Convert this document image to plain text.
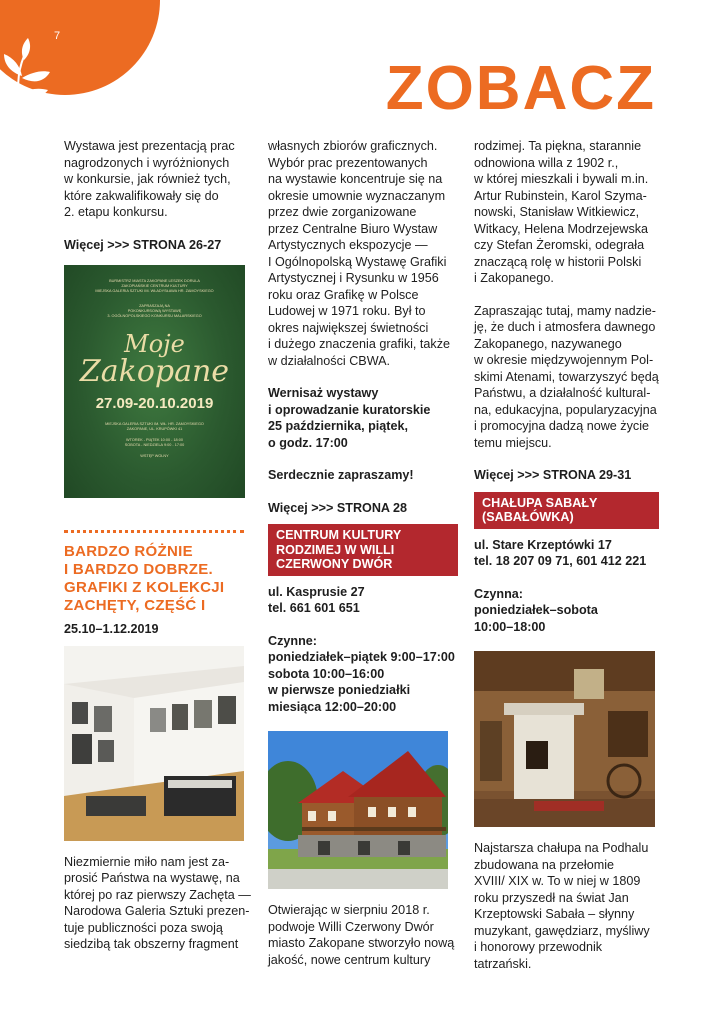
7
ZOBACZ

Wystawa jest prezentacją prac
nagrodzonych i wyróżnionych
w konkursie, jak również tych,
które zakwalifikowały się do
2. etapu konkursu.

Więcej >>> STRONA 26-27

BURMISTRZ MIASTA ZAKOPANE LESZEK DORULA
ZAKOPIAŃSKIE CENTRUM KULTURY
MIEJSKA GALERIA SZTUKI IM. WŁADYSŁAWA HR. ZAMOYSKIEGO
ZAPRASZAJĄ NA
POKONKURSOWĄ WYSTAWĘ
3. OGÓLNOPOLSKIEGO KONKURSU MALARSKIEGO
Moje
Zakopane
27.09-20.10.2019
MIEJSKA GALERIA SZTUKI IM. WŁ. HR. ZAMOYSKIEGO
ZAKOPANE, UL. KRUPÓWKI 41
WTOREK - PIĄTEK 10:00 - 18:00
SOBOTA - NIEDZIELA 9:00 - 17:00
WSTĘP WOLNY

BARDZO RÓŻNIE
I BARDZO DOBRZE.
GRAFIKI Z KOLEKCJI
ZACHĘTY, CZĘŚĆ I

25.10–1.12.2019

Niezmiernie miło nam jest za-
prosić Państwa na wystawę, na
której po raz pierwszy Zachęta —
Narodowa Galeria Sztuki prezen-
tuje publiczności poza swoją
siedzibą tak obszerny fragment

własnych zbiorów graficznych.
Wybór prac prezentowanych
na wystawie koncentruje się na
okresie umownie wyznaczanym
przez dwie zorganizowane
przez Centralne Biuro Wystaw
Artystycznych ekspozycje —
I Ogólnopolską Wystawę Grafiki
Artystycznej i Rysunku w 1956
roku oraz Grafikę w Polsce
Ludowej w 1971 roku. Był to
okres największej świetności
i dużego znaczenia grafiki, także
w działalności CBWA.

Wernisaż wystawy
i oprowadzanie kuratorskie
25 października, piątek,
o godz. 17:00

Serdecznie zapraszamy!

Więcej >>> STRONA 28

CENTRUM KULTURY
RODZIMEJ W WILLI
CZERWONY DWÓR

ul. Kasprusie 27
tel. 661 601 651

Czynne:
poniedziałek–piątek 9:00–17:00
sobota 10:00–16:00
w pierwsze poniedziałki
miesiąca 12:00–20:00

Otwierając w sierpniu 2018 r.
podwoje Willi Czerwony Dwór
miasto Zakopane stworzyło nową
jakość, nowe centrum kultury

rodzimej. Ta piękna, starannie
odnowiona willa z 1902 r.,
w której mieszkali i bywali m.in.
Artur Rubinstein, Karol Szyma-
nowski, Stanisław Witkiewicz,
Witkacy, Helena Modrzejewska
czy Stefan Żeromski, odegrała
znaczącą rolę w historii Polski
i Zakopanego.

Zapraszając tutaj, mamy nadzie-
ję, że duch i atmosfera dawnego
Zakopanego, nazywanego
w okresie międzywojennym Pol-
skimi Atenami, towarzyszyć będą
Państwu, a działalność kultural-
na, edukacyjna, popularyzacyjna
i promocyjna dadzą nowe życie
temu miejscu.

Więcej >>> STRONA 29-31

CHAŁUPA SABAŁY
(SABAŁÓWKA)

ul. Stare Krzeptówki 17
tel. 18 207 09 71, 601 412 221

Czynna:
poniedziałek–sobota
10:00–18:00

Najstarsza chałupa na Podhalu
zbudowana na przełomie
XVIII/ XIX w. To w niej w 1809
roku przyszedł na świat Jan
Krzeptowski Sabała – słynny
muzykant, gawędziarz, myśliwy
i honorowy przewodnik
tatrzański.
